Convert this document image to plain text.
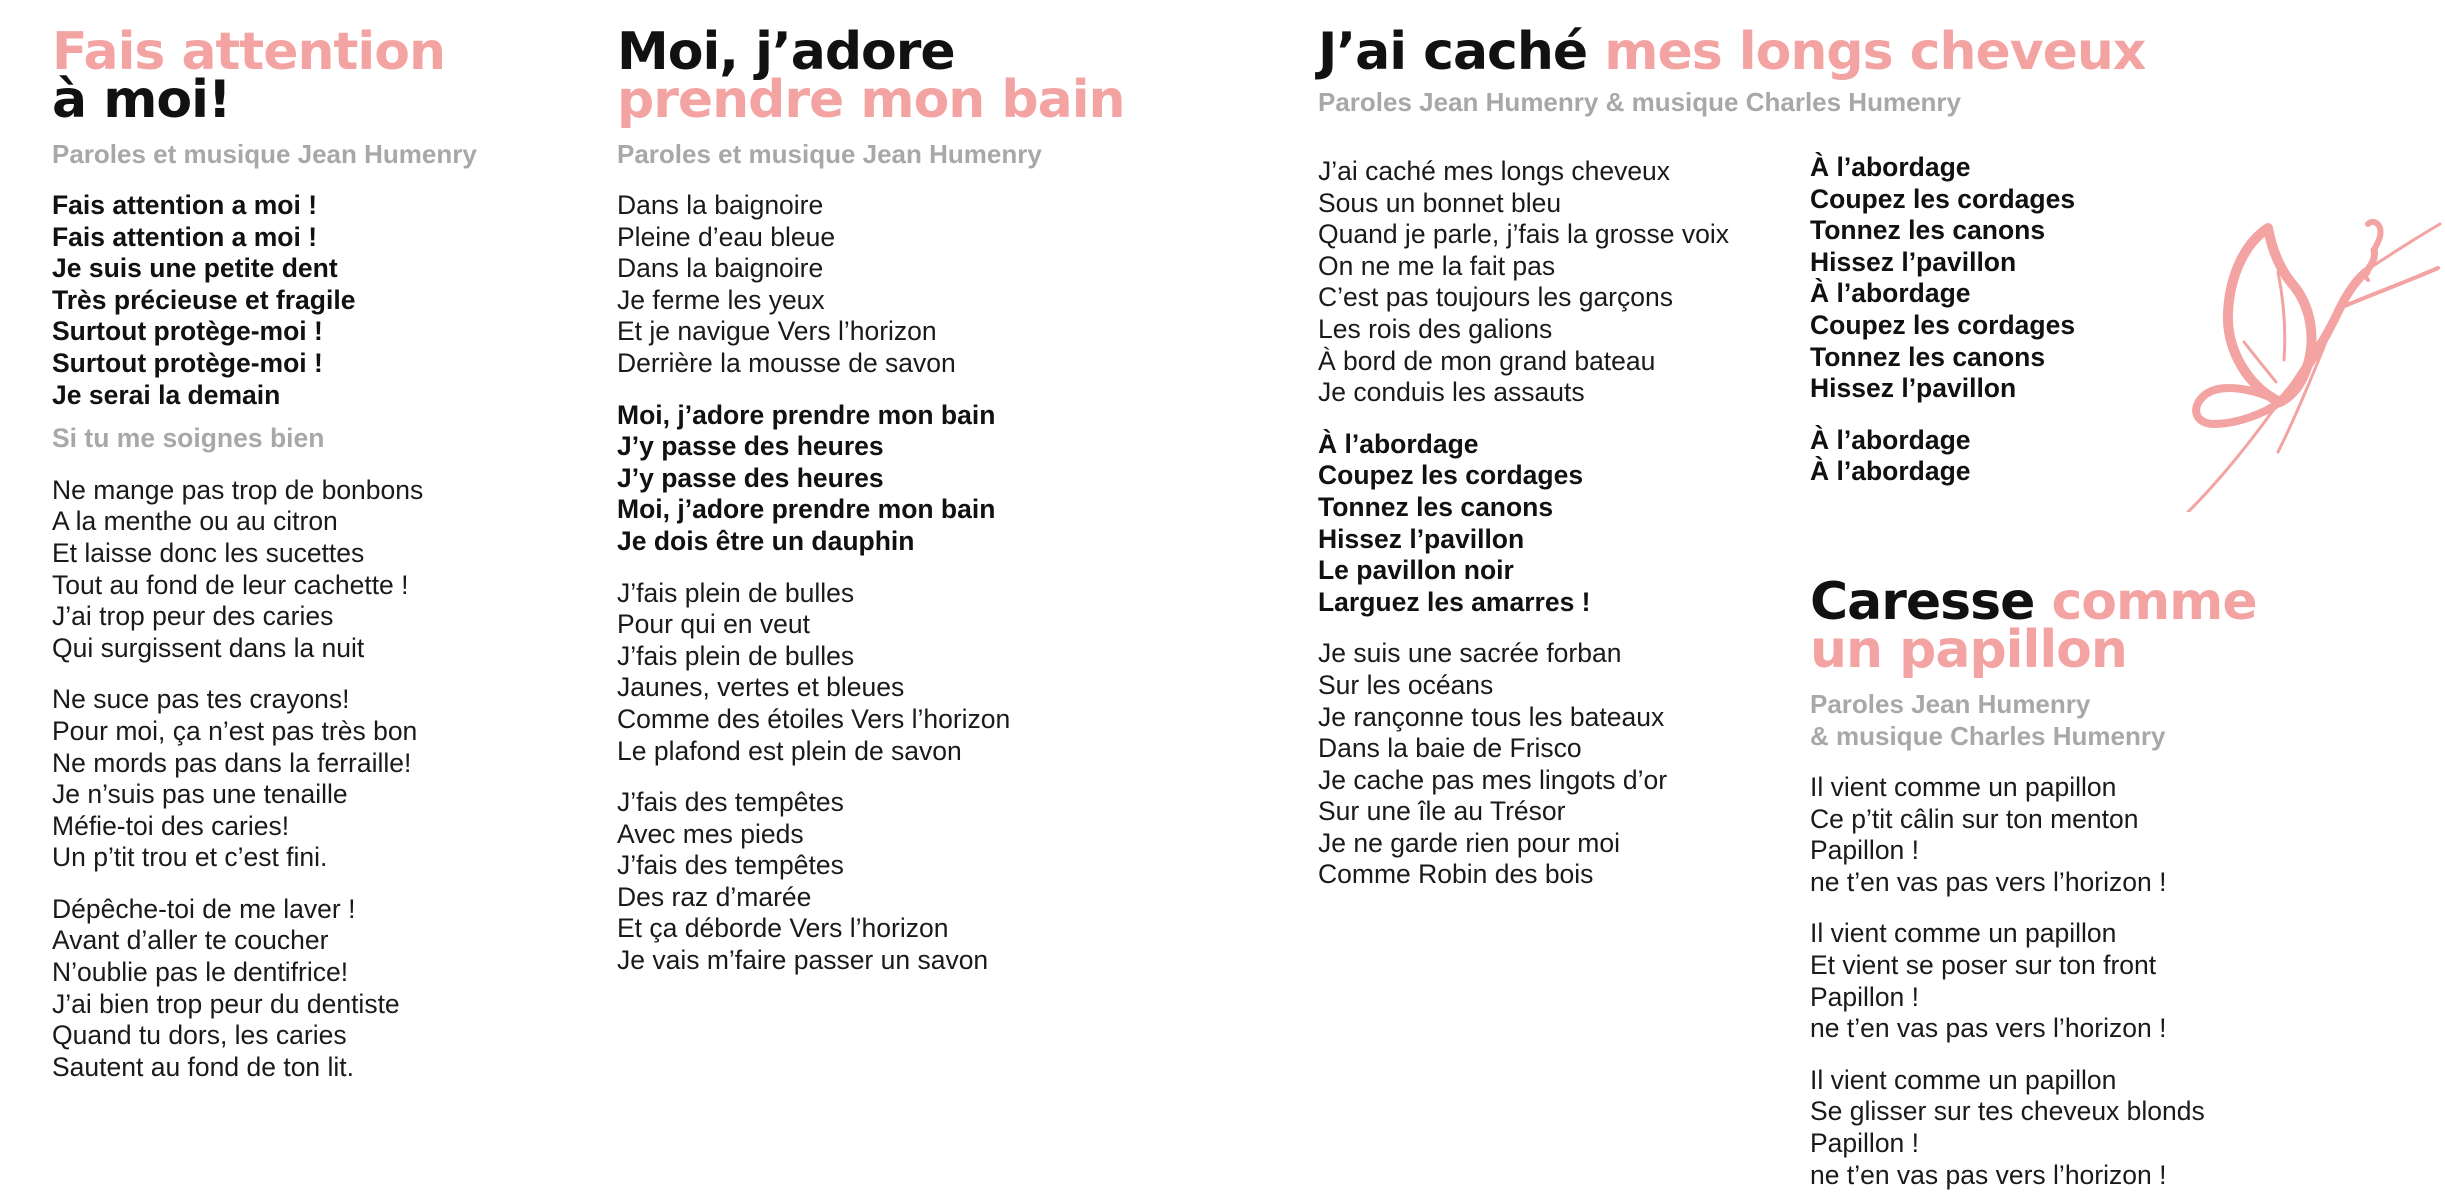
Fais attention
à moi!
Paroles et musique Jean Humenry
Fais attention a moi !
Fais attention a moi !
Je suis une petite dent
Très précieuse et fragile
Surtout protège-moi !
Surtout protège-moi !
Je serai la demain
Si tu me soignes bien
Ne mange pas trop de bonbons
A la menthe ou au citron
Et laisse donc les sucettes
Tout au fond de leur cachette !
J’ai trop peur des caries
Qui surgissent dans la nuit
Ne suce pas tes crayons!
Pour moi, ça n’est pas très bon
Ne mords pas dans la ferraille!
Je n’suis pas une tenaille
Méfie-toi des caries!
Un p’tit trou et c’est fini.
Dépêche-toi de me laver !
Avant d’aller te coucher
N’oublie pas le dentifrice!
J’ai bien trop peur du dentiste
Quand tu dors, les caries
Sautent au fond de ton lit.
Moi, j’adore
prendre mon bain
Paroles et musique Jean Humenry
Dans la baignoire
Pleine d’eau bleue
Dans la baignoire
Je ferme les yeux
Et je navigue Vers l’horizon
Derrière la mousse de savon
Moi, j’adore prendre mon bain
J’y passe des heures
J’y passe des heures
Moi, j’adore prendre mon bain
Je dois être un dauphin
J’fais plein de bulles
Pour qui en veut
J’fais plein de bulles
Jaunes, vertes et bleues
Comme des étoiles Vers l’horizon
Le plafond est plein de savon
J’fais des tempêtes
Avec mes pieds
J’fais des tempêtes
Des raz d’marée
Et ça déborde Vers l’horizon
Je vais m’faire passer un savon
J’ai caché mes longs cheveux
Paroles Jean Humenry & musique Charles Humenry
J’ai caché mes longs cheveux
Sous un bonnet bleu
Quand je parle, j’fais la grosse voix
On ne me la fait pas
C’est pas toujours les garçons
Les rois des galions
À bord de mon grand bateau
Je conduis les assauts
À l’abordage
Coupez les cordages
Tonnez les canons
Hissez l’pavillon
Le pavillon noir
Larguez les amarres !
Je suis une sacrée forban
Sur les océans
Je rançonne tous les bateaux
Dans la baie de Frisco
Je cache pas mes lingots d’or
Sur une île au Trésor
Je ne garde rien pour moi
Comme Robin des bois
À l’abordage
Coupez les cordages
Tonnez les canons
Hissez l’pavillon
À l’abordage
Coupez les cordages
Tonnez les canons
Hissez l’pavillon
À l’abordage
À l’abordage
Caresse comme
un papillon
Paroles Jean Humenry
& musique Charles Humenry
Il vient comme un papillon
Ce p’tit câlin sur ton menton
Papillon !
ne t’en vas pas vers l’horizon !
Il vient comme un papillon
Et vient se poser sur ton front
Papillon !
ne t’en vas pas vers l’horizon !
Il vient comme un papillon
Se glisser sur tes cheveux blonds
Papillon !
ne t’en vas pas vers l’horizon !
